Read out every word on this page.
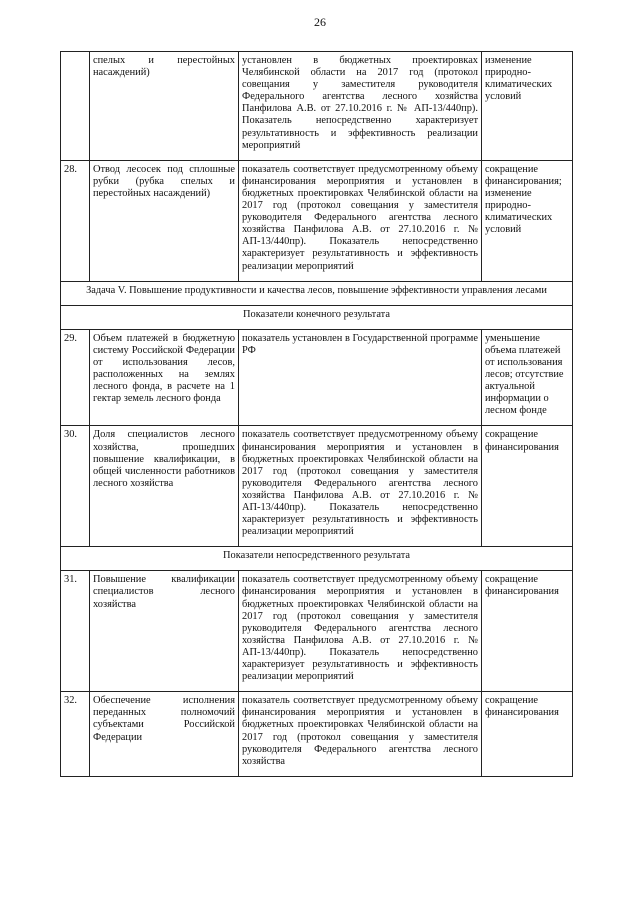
26
	спелых и перестойных насаждений)	установлен в бюджетных проектировках Челябинской области на 2017 год (протокол совещания у заместителя руководителя Федерального агентства лесного хозяйства Панфилова А.В. от 27.10.2016 г. № АП-13/440пр). Показатель непосредственно характеризует результативность и эффективность реализации мероприятий	изменение природно-климатических условий
28.	Отвод лесосек под сплошные рубки (рубка спелых и перестойных насаждений)	показатель соответствует предусмотренному объему финансирования мероприятия и установлен в бюджетных проектировках Челябинской области на 2017 год (протокол совещания у заместителя руководителя Федерального агентства лесного хозяйства Панфилова А.В. от 27.10.2016 г. № АП-13/440пр). Показатель непосредственно характеризует результативность и эффективность реализации мероприятий	сокращение финансирования; изменение природно-климатических условий
Задача V. Повышение продуктивности и качества лесов, повышение эффективности управления лесами			
Показатели конечного результата			
29.	Объем платежей в бюджетную систему Российской Федерации от использования лесов, расположенных на землях лесного фонда, в расчете на 1 гектар земель лесного фонда	показатель установлен в Государственной программе РФ	уменьшение объема платежей от использования лесов; отсутствие актуальной информации о лесном фонде
30.	Доля специалистов лесного хозяйства, прошедших повышение квалификации, в общей численности работников лесного хозяйства	показатель соответствует предусмотренному объему финансирования мероприятия и установлен в бюджетных проектировках Челябинской области на 2017 год (протокол совещания у заместителя руководителя Федерального агентства лесного хозяйства Панфилова А.В. от 27.10.2016 г. № АП-13/440пр). Показатель непосредственно характеризует результативность и эффективность реализации мероприятий	сокращение финансирования
Показатели непосредственного результата			
31.	Повышение квалификации специалистов лесного хозяйства	показатель соответствует предусмотренному объему финансирования мероприятия и установлен в бюджетных проектировках Челябинской области на 2017 год (протокол совещания у заместителя руководителя Федерального агентства лесного хозяйства Панфилова А.В. от 27.10.2016 г. № АП-13/440пр). Показатель непосредственно характеризует результативность и эффективность реализации мероприятий	сокращение финансирования
32.	Обеспечение исполнения переданных полномочий субъектами Российской Федерации	показатель соответствует предусмотренному объему финансирования мероприятия и установлен в бюджетных проектировках Челябинской области на 2017 год (протокол совещания у заместителя руководителя Федерального агентства лесного хозяйства	сокращение финансирования
